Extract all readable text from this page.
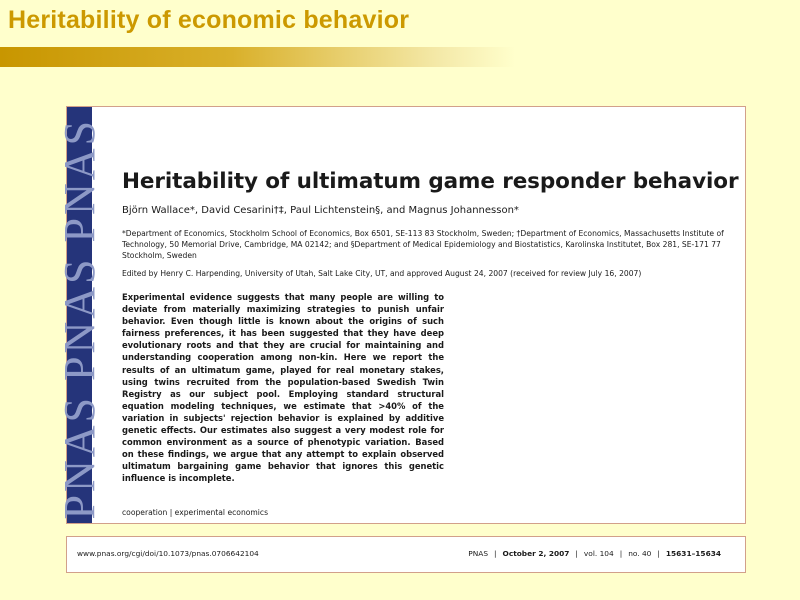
Heritability of economic behavior
PNAS PNAS PNAS Heritability of ultimatum game responder behavior
Björn Wallace*, David Cesarini†‡, Paul Lichtenstein§, and Magnus Johannesson*
*Department of Economics, Stockholm School of Economics, Box 6501, SE-113 83 Stockholm, Sweden; †Department of Economics, Massachusetts Institute of Technology, 50 Memorial Drive, Cambridge, MA 02142; and §Department of Medical Epidemiology and Biostatistics, Karolinska Institutet, Box 281, SE-171 77 Stockholm, Sweden
Edited by Henry C. Harpending, University of Utah, Salt Lake City, UT, and approved August 24, 2007 (received for review July 16, 2007)
Experimental evidence suggests that many people are willing to deviate from materially maximizing strategies to punish unfair behavior. Even though little is known about the origins of such fairness preferences, it has been suggested that they have deep evolutionary roots and that they are crucial for maintaining and understanding cooperation among non-kin. Here we report the results of an ultimatum game, played for real monetary stakes, using twins recruited from the population-based Swedish Twin Registry as our subject pool. Employing standard structural equation modeling techniques, we estimate that >40% of the variation in subjects' rejection behavior is explained by additive genetic effects. Our estimates also suggest a very modest role for common environment as a source of phenotypic variation. Based on these findings, we argue that any attempt to explain observed ultimatum bargaining game behavior that ignores this genetic influence is incomplete.
cooperation | experimental economics
www.pnas.org/cgi/doi/10.1073/pnas.0706642104	PNAS | October 2, 2007 | vol. 104 | no. 40 | 15631–15634
